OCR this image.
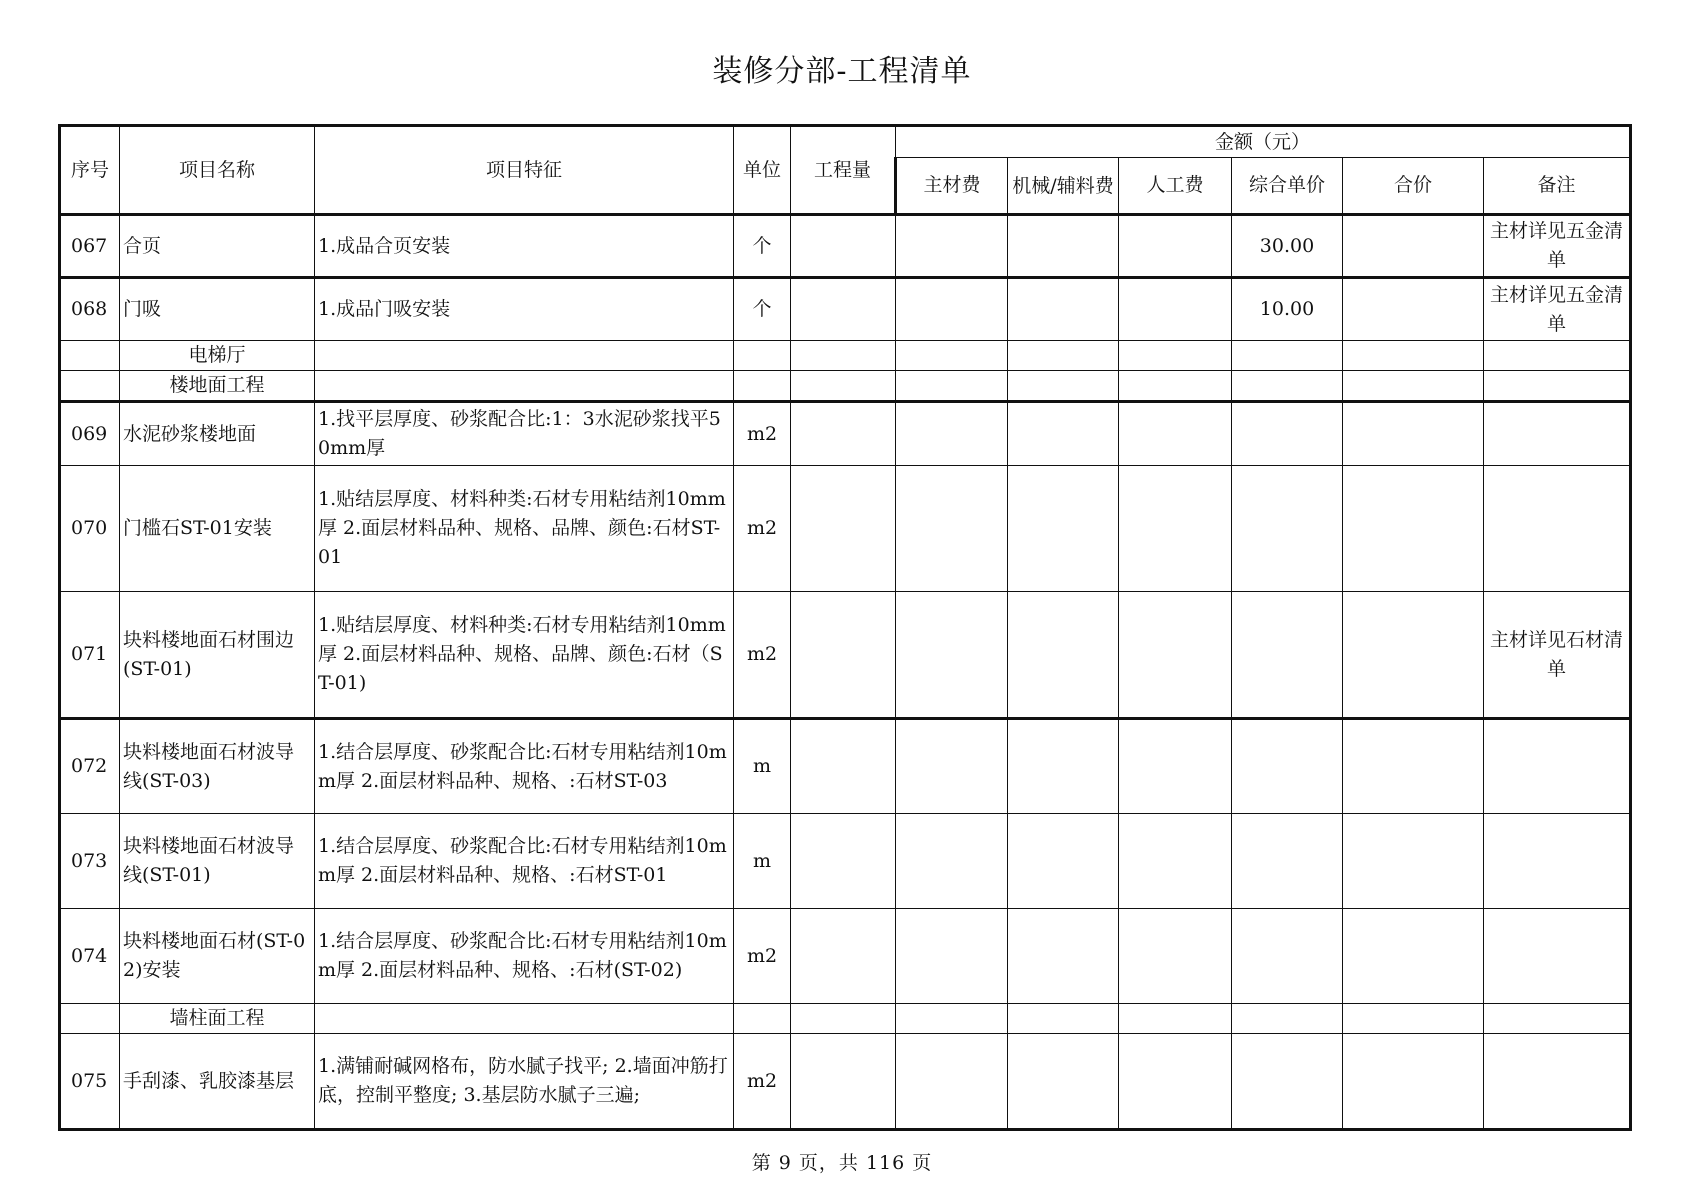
装修分部-工程清单
序号	项目名称	项目特征	单位	工程量	金额（元）					
					主材费	机械/辅料费	人工费	综合单价	合价	备注
067	合页	1.成品合页安装	个					30.00		主材详见五金清单
068	门吸	1.成品门吸安装	个					10.00		主材详见五金清单
	电梯厅									
	楼地面工程									
069	水泥砂浆楼地面	1.找平层厚度、砂浆配合比:1：3水泥砂浆找平50mm厚	m2							
070	门槛石ST-01安装	1.贴结层厚度、材料种类:石材专用粘结剂10mm厚 2.面层材料品种、规格、品牌、颜色:石材ST-01	m2							
071	块料楼地面石材围边(ST-01)	1.贴结层厚度、材料种类:石材专用粘结剂10mm厚 2.面层材料品种、规格、品牌、颜色:石材（ST-01)	m2							主材详见石材清单
072	块料楼地面石材波导线(ST-03)	1.结合层厚度、砂浆配合比:石材专用粘结剂10mm厚 2.面层材料品种、规格、:石材ST-03	m							
073	块料楼地面石材波导线(ST-01)	1.结合层厚度、砂浆配合比:石材专用粘结剂10mm厚 2.面层材料品种、规格、:石材ST-01	m							
074	块料楼地面石材(ST-02)安装	1.结合层厚度、砂浆配合比:石材专用粘结剂10mm厚 2.面层材料品种、规格、:石材(ST-02)	m2							
	墙柱面工程									
075	手刮漆、乳胶漆基层	1.满铺耐碱网格布，防水腻子找平; 2.墙面冲筋打底，控制平整度; 3.基层防水腻子三遍;	m2							
第 9 页，共 116 页
